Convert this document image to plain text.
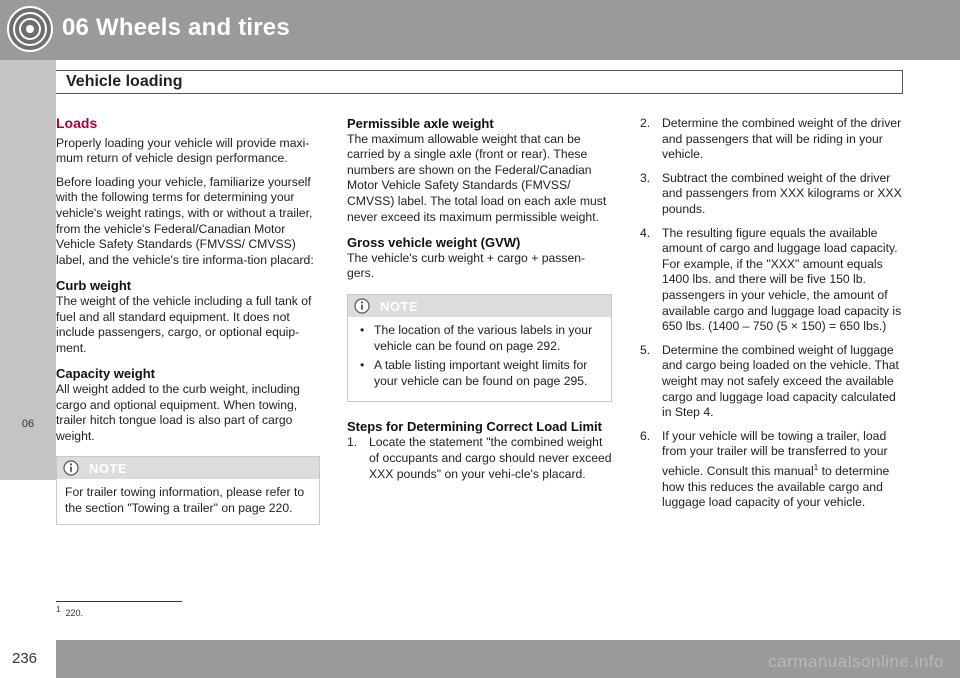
06 Wheels and tires
Vehicle loading
06
Loads

Properly loading your vehicle will provide maxi-mum return of vehicle design performance.

Before loading your vehicle, familiarize yourself with the following terms for determining your vehicle's weight ratings, with or without a trailer, from the vehicle's Federal/Canadian Motor Vehicle Safety Standards (FMVSS/ CMVSS) label, and the vehicle's tire informa-tion placard:

Curb weight

The weight of the vehicle including a full tank of fuel and all standard equipment. It does not include passengers, cargo, or optional equip-ment.

Capacity weight

All weight added to the curb weight, including cargo and optional equipment. When towing, trailer hitch tongue load is also part of cargo weight.

NOTE
For trailer towing information, please refer to the section "Towing a trailer" on page 220.
Permissible axle weight

The maximum allowable weight that can be carried by a single axle (front or rear). These numbers are shown on the Federal/Canadian Motor Vehicle Safety Standards (FMVSS/ CMVSS) label. The total load on each axle must never exceed its maximum permissible weight.

Gross vehicle weight (GVW)

The vehicle's curb weight + cargo + passen-gers.

NOTE
• The location of the various labels in your vehicle can be found on page 292.
• A table listing important weight limits for your vehicle can be found on page 295.
Steps for Determining Correct Load Limit
1. Locate the statement "the combined weight of occupants and cargo should never exceed XXX pounds" on your vehi-cle's placard.
2. Determine the combined weight of the driver and passengers that will be riding in your vehicle.
3. Subtract the combined weight of the driver and passengers from XXX kilograms or XXX pounds.
4. The resulting figure equals the available amount of cargo and luggage load capacity. For example, if the "XXX" amount equals 1400 lbs. and there will be five 150 lb. passengers in your vehicle, the amount of available cargo and luggage load capacity is 650 lbs. (1400 – 750 (5 × 150) = 650 lbs.)
5. Determine the combined weight of luggage and cargo being loaded on the vehicle. That weight may not safely exceed the available cargo and luggage load capacity calculated in Step 4.
6. If your vehicle will be towing a trailer, load from your trailer will be transferred to your vehicle. Consult this manual$^1$ to determine how this reduces the available cargo and luggage load capacity of your vehicle.
$^1$ 220.
236	carmanualsonline.info
